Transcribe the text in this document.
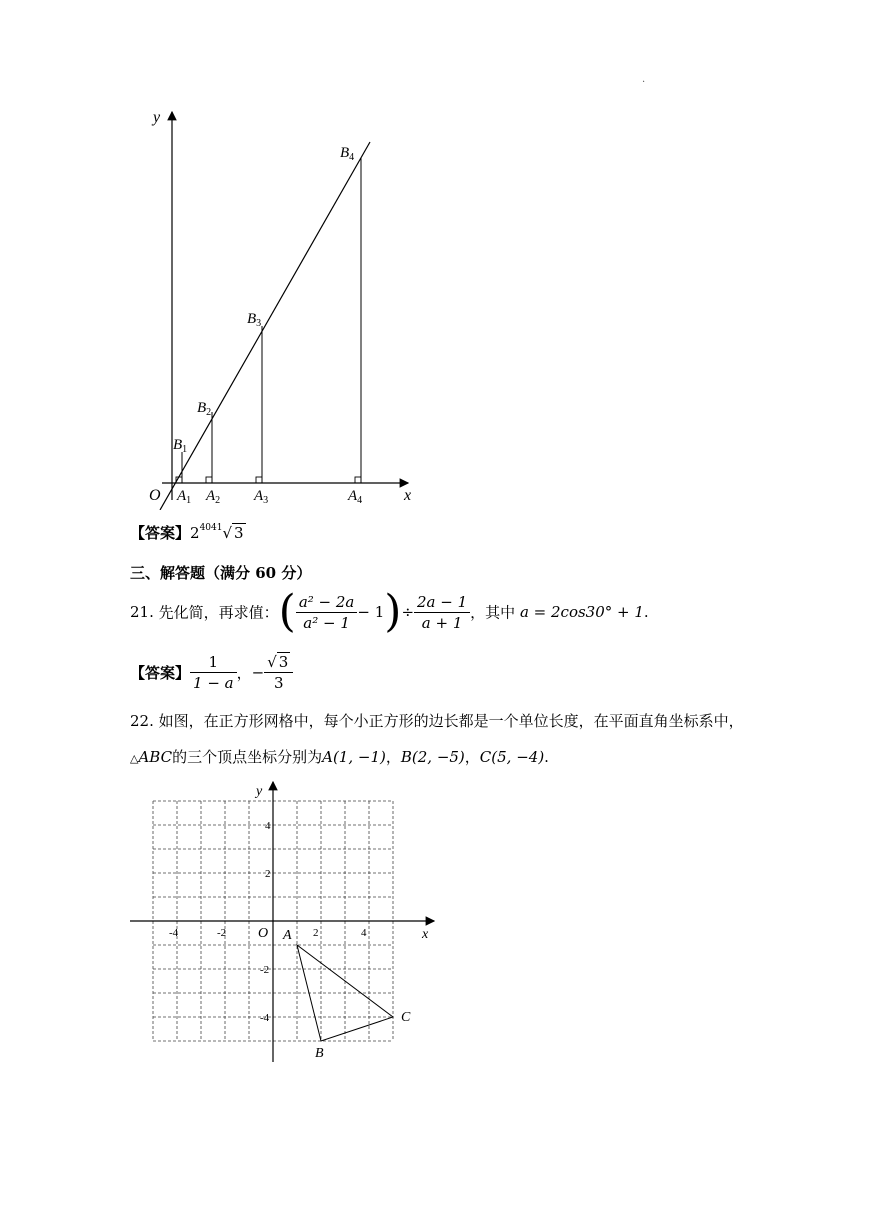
.
y
x
O
$B_1$
$B_2$
$B_3$
$B_4$
$A_1$ $A_2$ $A_3$	$A_4$
【答案】$2^{4041}√$ 3
三、解答题（满分 60 分）
21. 先化简，再求值：( $\frac{\text{a² − 2a}}{\text{a² − 1}} - 1)\div \frac{2a - 1}{a + 1}$ ，其中 a = 2cos30° + 1.
【答案】 $\frac{1}{1 - a}$ ，− $\frac{√ 3}{3}$
22. 如图，在正方形网格中，每个小正方形的边长都是一个单位长度，在平面直角坐标系中，
△ABC的三个顶点坐标分别为A(1, −1)，B(2, −5)，C(5, −4).
-4	-2	2	4
4
2
-2
-4
y
x
O A
B
C
